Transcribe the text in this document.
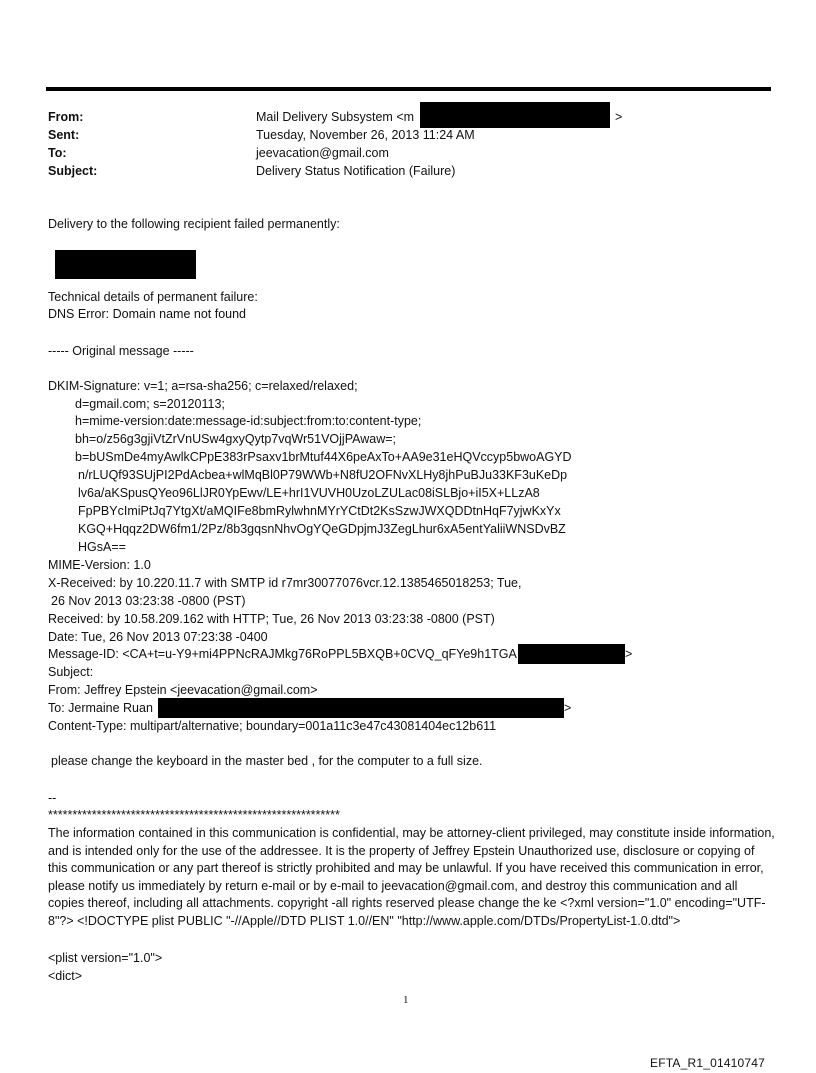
From:	Mail Delivery Subsystem <m	>
Sent:	Tuesday, November 26, 2013 11:24 AM
To:	jeevacation@gmail.com
Subject:	Delivery Status Notification (Failure)
Delivery to the following recipient failed permanently:
Technical details of permanent failure:
DNS Error: Domain name not found
----- Original message -----
DKIM-Signature: v=1; a=rsa-sha256; c=relaxed/relaxed;
d=gmail.com; s=20120113;
h=mime-version:date:message-id:subject:from:to:content-type;
bh=o/z56g3gjiVtZrVnUSw4gxyQytp7vqWr51VOjjPAwaw=;
b=bUSmDe4myAwlkCPpE383rPsaxv1brMtuf44X6peAxTo+AA9e31eHQVccyp5bwoAGYD
n/rLUQf93SUjPI2PdAcbea+wlMqBl0P79WWb+N8fU2OFNvXLHy8jhPuBJu33KF3uKeDp
lv6a/aKSpusQYeo96LlJR0YpEwv/LE+hrI1VUVH0UzoLZULac08iSLBjo+iI5X+LLzA8
FpPBYcImiPtJq7YtgXt/aMQIFe8bmRylwhnMYrYCtDt2KsSzwJWXQDDtnHqF7yjwKxYx
KGQ+Hqqz2DW6fm1/2Pz/8b3gqsnNhvOgYQeGDpjmJ3ZegLhur6xA5entYaliiWNSDvBZ
HGsA==
MIME-Version: 1.0
X-Received: by 10.220.11.7 with SMTP id r7mr30077076vcr.12.1385465018253; Tue,
26 Nov 2013 03:23:38 -0800 (PST)
Received: by 10.58.209.162 with HTTP; Tue, 26 Nov 2013 03:23:38 -0800 (PST)
Date: Tue, 26 Nov 2013 07:23:38 -0400
Message-ID: <CA+t=u-Y9+mi4PPNcRAJMkg76RoPPL5BXQB+0CVQ_qFYe9h1TGA	>
Subject:
From: Jeffrey Epstein <jeevacation@gmail.com>
To: Jermaine Ruan	>
Content-Type: multipart/alternative; boundary=001a11c3e47c43081404ec12b611
please change the keyboard in the master bed , for the computer to a full size.
--
************************************************************
The information contained in this communication is confidential, may be attorney-client privileged, may constitute inside information, and is intended only for the use of the addressee. It is the property of Jeffrey Epstein Unauthorized use, disclosure or copying of this communication or any part thereof is strictly prohibited and may be unlawful. If you have received this communication in error, please notify us immediately by return e-mail or by e-mail to jeevacation@gmail.com, and destroy this communication and all copies thereof, including all attachments. copyright -all rights reserved please change the ke <?xml version="1.0" encoding="UTF-8"?> <!DOCTYPE plist PUBLIC "-//Apple//DTD PLIST 1.0//EN" "http://www.apple.com/DTDs/PropertyList-1.0.dtd">
<plist version="1.0">
<dict>
1
EFTA_R1_01410747
